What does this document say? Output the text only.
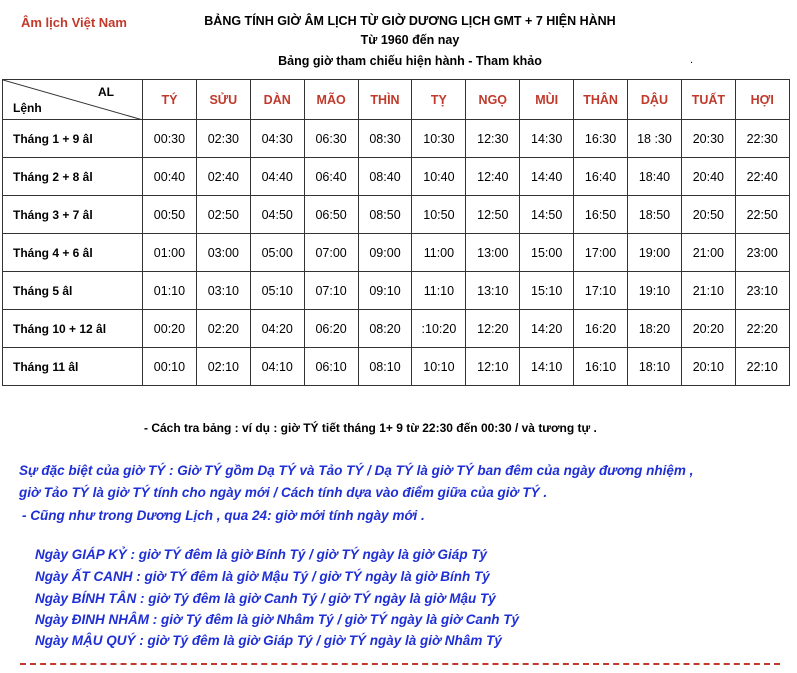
Âm lịch Việt Nam	BẢNG TÍNH GIỜ ÂM LỊCH TỪ GIỜ DƯƠNG LỊCH GMT + 7 HIỆN HÀNH
Từ 1960 đến nay
Bảng giờ tham chiếu hiện hành - Tham khảo	.
AL
Lệnh	TÝ	SỬU	DÀN	MÃO	THÌN	TỴ	NGỌ	MÙI	THÂN	DẬU	TUẤT	HỢI
Tháng 1 + 9 âl	00:30	02:30	04:30	06:30	08:30	10:30	12:30	14:30	16:30	18 :30	20:30	22:30
Tháng 2 + 8 âl	00:40	02:40	04:40	06:40	08:40	10:40	12:40	14:40	16:40	18:40	20:40	22:40
Tháng 3 + 7 âl	00:50	02:50	04:50	06:50	08:50	10:50	12:50	14:50	16:50	18:50	20:50	22:50
Tháng 4 + 6 âl	01:00	03:00	05:00	07:00	09:00	11:00	13:00	15:00	17:00	19:00	21:00	23:00
Tháng 5 âl	01:10	03:10	05:10	07:10	09:10	11:10	13:10	15:10	17:10	19:10	21:10	23:10
Tháng 10 + 12 âl	00:20	02:20	04:20	06:20	08:20	:10:20	12:20	14:20	16:20	18:20	20:20	22:20
Tháng 11 âl	00:10	02:10	04:10	06:10	08:10	10:10	12:10	14:10	16:10	18:10	20:10	22:10
- Cách tra bảng : ví dụ : giờ TÝ tiết tháng 1+ 9 từ 22:30 đến 00:30 / và tương tự .
Sự đặc biệt của giờ TÝ : Giờ TÝ gồm Dạ TÝ và Tảo TÝ / Dạ TÝ là giờ TÝ ban đêm của ngày đương nhiệm ,
giờ Tảo TÝ là giờ TÝ tính cho ngày mới / Cách tính dựa vào điểm giữa của giờ TÝ .
- Cũng như trong Dương Lịch , qua 24: giờ mới tính ngày mới .
Ngày GIÁP KỶ : giờ TÝ đêm là giờ Bính Tý / giờ TÝ ngày là giờ Giáp Tý
Ngày ẤT CANH : giờ TÝ đêm là giờ Mậu Tý / giờ TÝ ngày là giờ Bính Tý
Ngày BÍNH TÂN : giờ Tý đêm là giờ Canh Tý / giờ TÝ ngày là giờ Mậu Tý
Ngày ĐINH NHÂM : giờ Tý đêm là giờ Nhâm Tý / giờ TÝ ngày là giờ Canh Tý
Ngày MẬU QUÝ : giờ Tý đêm là giờ Giáp Tý / giờ TÝ ngày là giờ Nhâm Tý
